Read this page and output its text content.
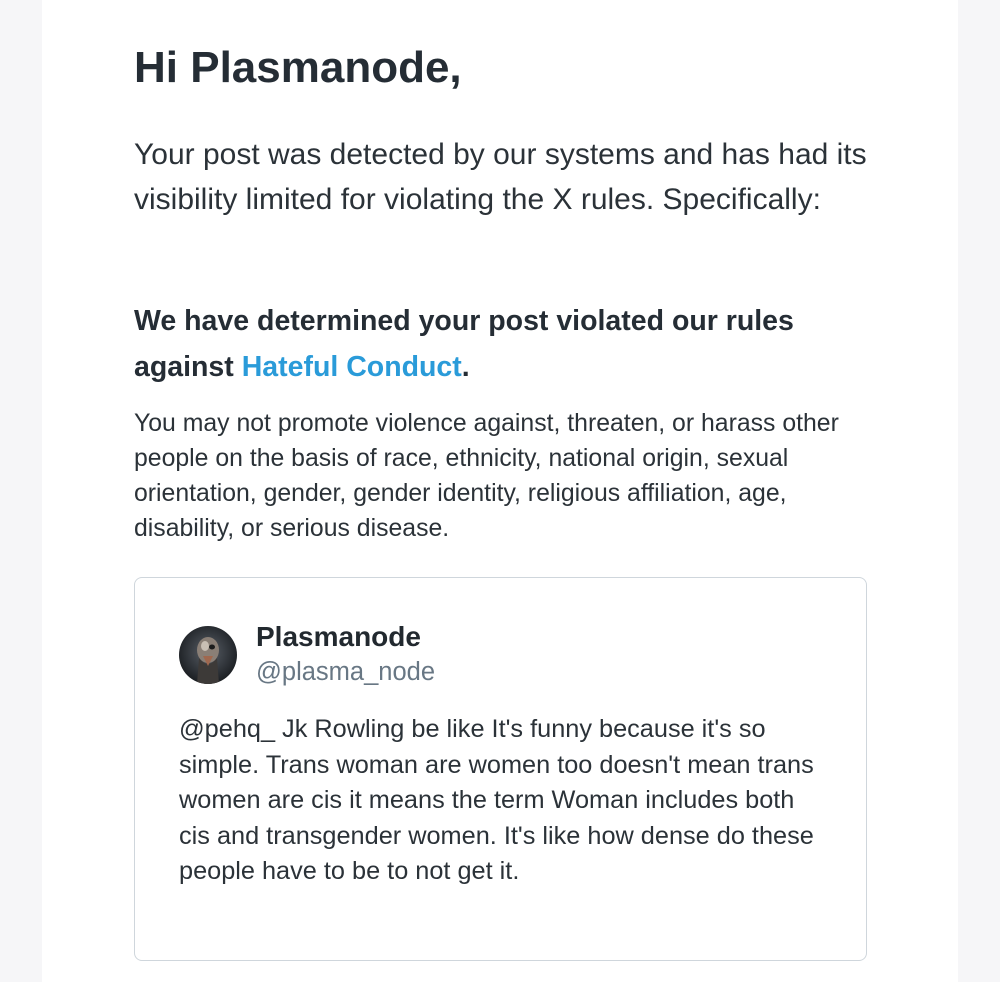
Hi Plasmanode,

Your post was detected by our systems and has had its visibility limited for violating the X rules. Specifically:

We have determined your post violated our rules against Hateful Conduct.

You may not promote violence against, threaten, or harass other people on the basis of race, ethnicity, national origin, sexual orientation, gender, gender identity, religious affiliation, age, disability, or serious disease.

Plasmanode
@plasma_node

@pehq_ Jk Rowling be like It's funny because it's so simple. Trans woman are women too doesn't mean trans women are cis it means the term Woman includes both cis and transgender women. It's like how dense do these people have to be to not get it.
